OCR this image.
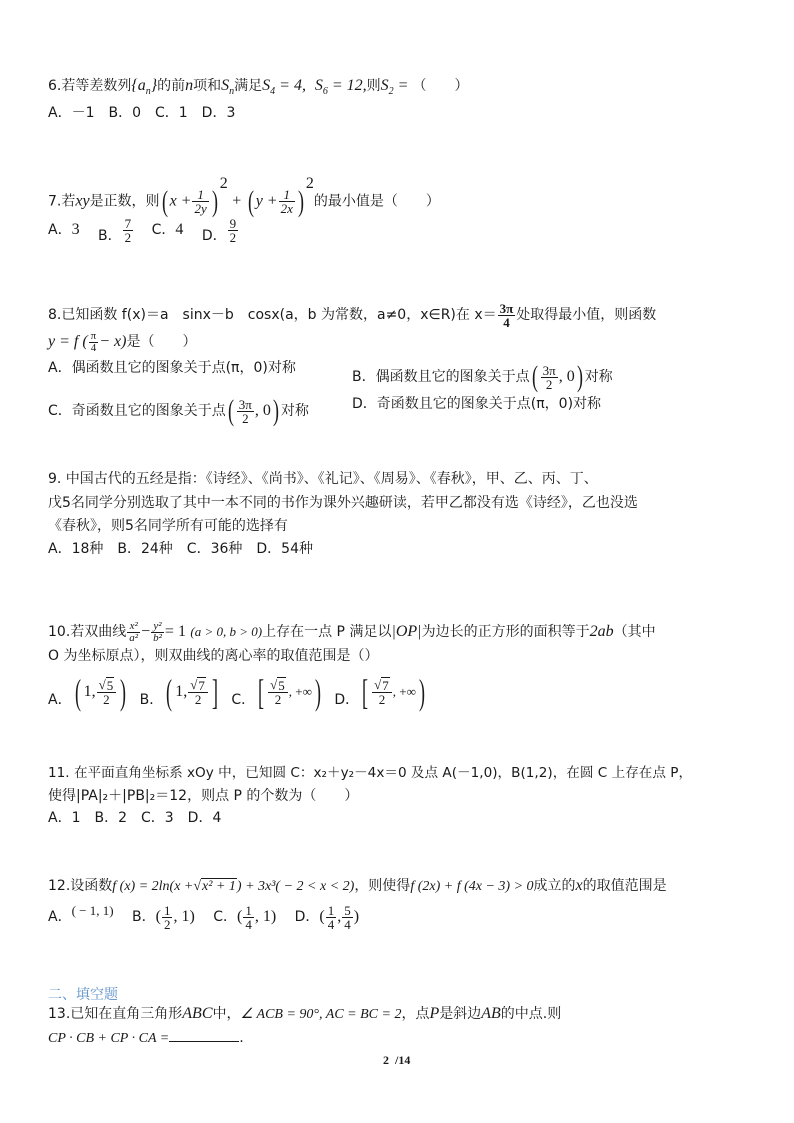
6.若等差数列$\{a_n\}$的前n项和$S_n$满足$S_4 = 4$, $S_6 = 12$,则$S_2$ = （　　）
A．－1　B．0　C．1　D．3
7.若xy是正数，则( $x + \frac{1}{2y} )^2$ + ( $y + \frac{1}{2x} )^2$的最小值是（　　）
A．3 B． $\frac{7}{2}$ C．4 D． $\frac{9}{2}$
8.已知函数 f(x)＝a　sinx－b　cosx(a，b 为常数，a≠0，x∈R)在 $x= \frac{3\pi}{4}$ 处取得最小值，则函数
y = f ( $\frac{\pi}{4} - x$)是（　　）
A．偶函数且它的图象关于点(π，0)对称
B．偶函数且它的图象关于点( $\frac{3\pi}{2}$ , 0) 对称
C．奇函数且它的图象关于点( $\frac{3\pi}{2}$ , 0) 对称	D．奇函数且它的图象关于点(π，0)对称
9. 中国古代的五经是指：《诗经》、《尚书》、《礼记》、《周易》、《春秋》，甲、乙、丙、丁、
戊5名同学分别选取了其中一本不同的书作为课外兴趣研读，若甲乙都没有选《诗经》，乙也没选
《春秋》，则5名同学所有可能的选择有
A．18种　B．24种　C．36种　D．54种
10.若双曲线 $\frac{\text{x²}}{\text{a²}} - \frac{\text{y²}}{\text{b²}} = 1$ (a > 0, b > 0)上存在一点 P 满足以|OP|为边长的正方形的面积等于2ab（其中
O 为坐标原点），则双曲线的离心率的取值范围是（）
A．( 1, $\frac{√5}{2}$ ) B．( 1, $\frac{√7}{2}$ ] C．[ $\frac{√5}{2}$ , +∞) D．[ $\frac{√7}{2}$ , +∞)
11. 在平面直角坐标系 xOy 中，已知圆 C：x₂＋y₂－4x＝0 及点 A(－1,0)，B(1,2)，在圆 C 上存在点 P，
使得|PA|₂＋|PB|₂＝12，则点 P 的个数为（　　）
A．1　B．2　C．3　D．4
12.设函数f (x) = 2ln(x +√x² + 1) + 3x³( − 2 < x < 2)，则使得f (2x) + f (4x − 3) > 0成立的x的取值范围是
A．( − 1, 1) B．( $\frac{1}{2}$ , 1) C．( $\frac{1}{4}$ , 1) D．( $\frac{1}{4}$ , $\frac{5}{4}$ )
二、填空题
13.已知在直角三角形ABC中，∠ ACB = 90°, AC = BC = 2，点P是斜边AB的中点.则
CP · CB + CP · CA =	.
2  /14
